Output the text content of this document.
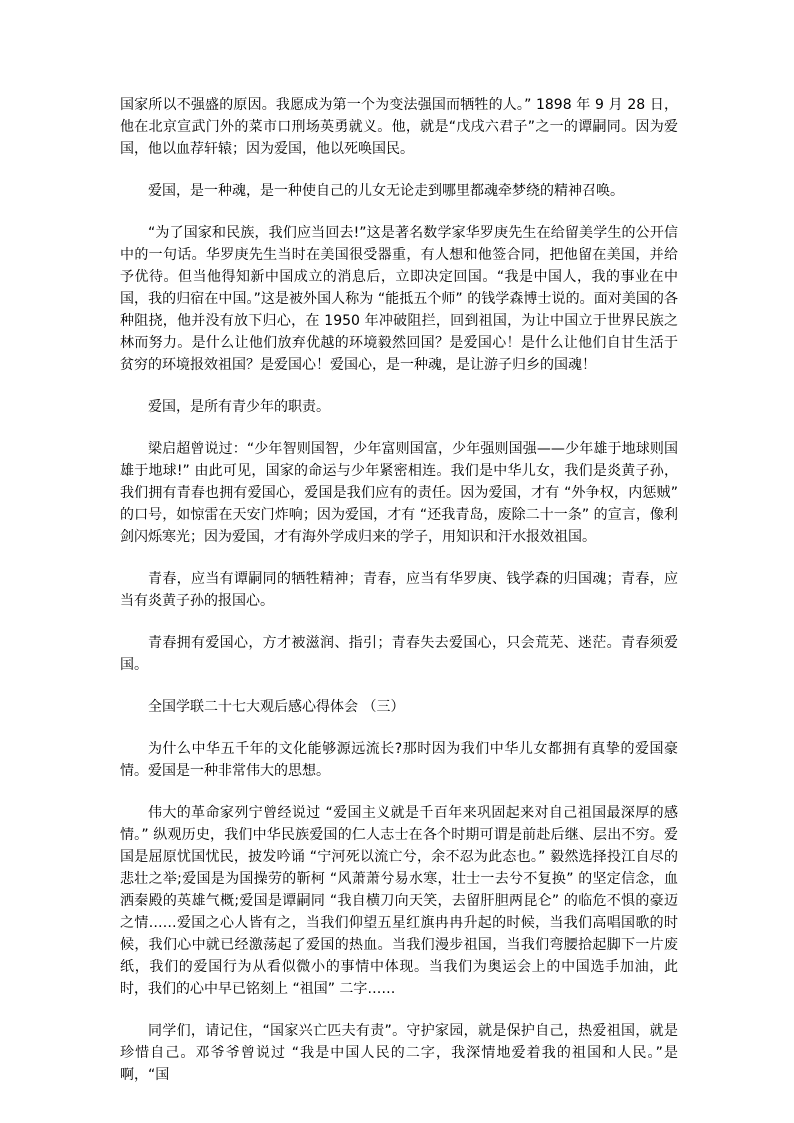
国家所以不强盛的原因。我愿成为第一个为变法强国而牺牲的人。” 1898 年 9 月 28 日，他在北京宣武门外的菜市口刑场英勇就义。他，就是“戊戌六君子”之一的谭嗣同。因为爱国，他以血荐轩辕；因为爱国，他以死唤国民。

爱国，是一种魂，是一种使自己的儿女无论走到哪里都魂牵梦绕的精神召唤。

“为了国家和民族，我们应当回去!”这是著名数学家华罗庚先生在给留美学生的公开信中的一句话。华罗庚先生当时在美国很受器重，有人想和他签合同，把他留在美国，并给予优待。但当他得知新中国成立的消息后，立即决定回国。“我是中国人，我的事业在中国，我的归宿在中国。”这是被外国人称为 “能抵五个师” 的钱学森博士说的。面对美国的各种阻挠，他并没有放下归心，在 1950 年冲破阻拦，回到祖国，为让中国立于世界民族之林而努力。是什么让他们放弃优越的环境毅然回国？是爱国心！是什么让他们自甘生活于贫穷的环境报效祖国？是爱国心！爱国心，是一种魂，是让游子归乡的国魂！

爱国，是所有青少年的职责。

梁启超曾说过：“少年智则国智，少年富则国富，少年强则国强——少年雄于地球则国雄于地球!” 由此可见，国家的命运与少年紧密相连。我们是中华儿女，我们是炎黄子孙，我们拥有青春也拥有爱国心，爱国是我们应有的责任。因为爱国，才有 “外争权，内惩贼” 的口号，如惊雷在天安门炸响；因为爱国，才有 “还我青岛，废除二十一条” 的宣言，像利剑闪烁寒光；因为爱国，才有海外学成归来的学子，用知识和汗水报效祖国。

青春，应当有谭嗣同的牺牲精神；青春，应当有华罗庚、钱学森的归国魂；青春，应当有炎黄子孙的报国心。

青春拥有爱国心，方才被滋润、指引；青春失去爱国心，只会荒芜、迷茫。青春须爱国。

全国学联二十七大观后感心得体会 （三）

为什么中华五千年的文化能够源远流长?那时因为我们中华儿女都拥有真挚的爱国豪情。爱国是一种非常伟大的思想。

伟大的革命家列宁曾经说过 “爱国主义就是千百年来巩固起来对自己祖国最深厚的感情。” 纵观历史，我们中华民族爱国的仁人志士在各个时期可谓是前赴后继、层出不穷。爱国是屈原忧国忧民，披发吟诵 “宁河死以流亡兮，余不忍为此态也。” 毅然选择投江自尽的悲壮之举;爱国是为国操劳的靳柯 “风萧萧兮易水寒，壮士一去兮不复换” 的坚定信念，血洒秦殿的英雄气概;爱国是谭嗣同 “我自横刀向天笑，去留肝胆两昆仑” 的临危不惧的豪迈之情……爱国之心人皆有之，当我们仰望五星红旗冉冉升起的时候，当我们高唱国歌的时候，我们心中就已经激荡起了爱国的热血。当我们漫步祖国，当我们弯腰拾起脚下一片废纸，我们的爱国行为从看似微小的事情中体现。当我们为奥运会上的中国选手加油，此时，我们的心中早已铭刻上 “祖国” 二字……

同学们，请记住，“国家兴亡匹夫有责”。守护家园，就是保护自己，热爱祖国，就是珍惜自己。邓爷爷曾说过 “我是中国人民的二字，我深情地爱着我的祖国和人民。”是啊，“国
